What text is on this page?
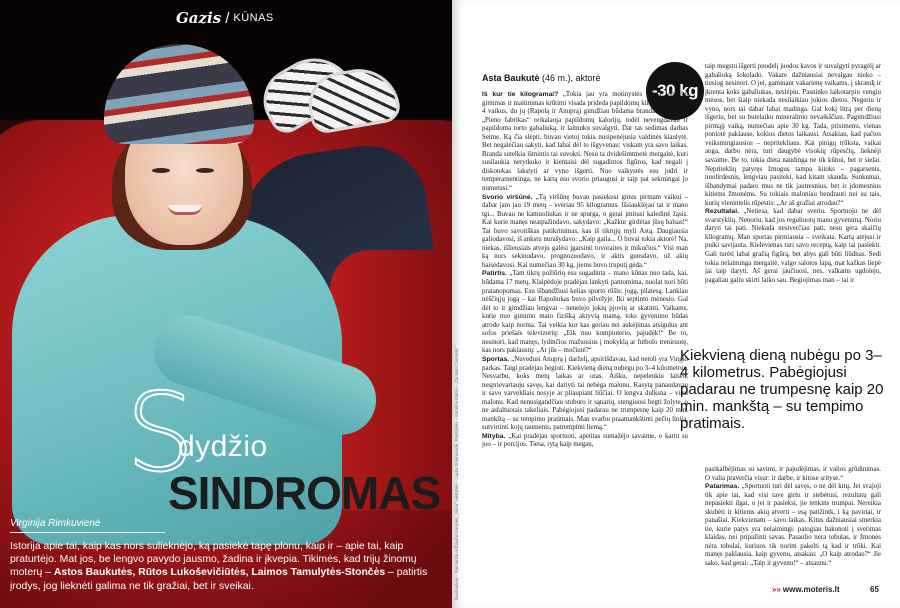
Gazis / KŪNAS
S
dydžio
SINDROMAS
Virginija Rimkuvienė
Istorija apie tai, kaip kas nors sulieknėjo, ką pasiekė tapę plonu, kaip ir – apie tai, kaip praturtėjo. Mat jos, be lengvo pavydo jausmo, žadina ir įkvepia. Tikimės, kad trijų žinomų moterų – Astos Baukutės, Rūtos Lukoševičiūtės, Laimos Tamulytės-Stončės – patirtis įrodys, jog lieknėti galima ne tik gražiai, bet ir sveikai.	Nuotraukos – Raimondo Adžiaučio Kasytės, „Sima“ valstybės – Laura Smirnovaitė, Prastyklės – Karolina Kaklis – „Da Man Cosmetic“
Asta Baukutė (46 m.), aktorė
-30 kg

Iš kur tie kilogramai? „Tokia jau yra motinystės kaina. Atlaikų gimimas ir maitinimas krūtimi visada prideda papildomų kilogramų. Turiu 4 vaikus, du jų (Rapolą ir Anuprą) gimdžiau būdama brandaus amžiaus. „Pieno fabrikas“ reikalauja papildomų kalorijų, todėl nevengdavau ir papildoma torto gabaliuką, ir laitnuku suvalgyti. Dar tas sedimas darbas Seime. Ką čia slėpti, buvau vietoj tokia nusipenėjusia valdinės kiaulytė. Bet negalėčiau sakyti, kad labai dėl to išgyvenau: viskam yra savo laikas. Branda sutelkia išmintis tai suvokti. Nesu ta dvidešimtmetė mergaitė, kuri susilaukia nerytkuko ir kientaisi dėl sugadintos figūros, kad negali į diskotekas lakstyti ar vyno išgerti. Nuo vaikystės esu judri ir temperamentinga, ne kartą esu svorio priaugusi ir taip pat sekmingai jo numetusi.“

Svorio viršūnė. „Tą viršūnę buvau pasiekusi ginus pirmam vaikui – dabar jam jau 19 metų – sveriau 95 kilogramus. Išsiauklėjau tai ir mano tgi... Buvau ne kamuoliukas ir ne spurga, o gerai įmitusi kaledinė žąsis. Kai kurie manęs neatpažindavo, sakydavo: „Kažkur girdėtas jūsų balsas!“ Tai buvo savotiškas patikrinimas, kas iš tikrųjų myli Astą. Daugiausia galiodavosi, iš ankstu nurašydavo: „Kaip gaila... O buvai tokia aktorė! Na, niekas, išlieusiais atveju galėsi įgarsinti tovoraites ir mikučius.“ Visi man ką nors sekinodavo, prognozuodavo, ir aktis guosdavo, už akių baisėdavosi. Kai numečiau 30 kg, jiems buvo truputį gėda.“

Patirtis. „Tam tikrų požiūrių esu sugadinta – mano kūnas nuo tada, kai, būdama 17 metų, Klaipėdoje pradėjau lankyti pantomima, nuolat nori būti pratanopomas. Esu išbandžiusi kelias sporto rūšis: jogą, pilatesą. Lankiau nėščiųjų jogą – kai Rapoliukas buvo pilvelyje. Iki septinto mėnesio. Gal dėl to ir gimdžiau lengvai – nenelejo jokių pjovių ar skatinti. Vaikams, kurie nuo gimimo mato fizišką aktyvią mamą, toks gyvenimo būdas atrodo kaip norma. Tai veikia kur kas geriau nei aukėjimas atsigulus ant sofos priešais televizorių: „Eik nuo kompiuterio, pajudėk!“ Be to, nesinori, kad manęs, lydinčios mažuosius į mokyklą ar futbolo treniruotę, kas nors paklaustų: „Ar jūs – močiutė?“

Sportas. „Nuvedusi Anuprą į darželį, apsirišdavau, kad netoli yra Vingio parkas. Taigi pradėjau begioti. Kiekvieną dieną nubėgu po 3–4 kilometrus. Nesvarbu, koks metų laikas ar oras. Aišku, nepelenkiu laisėo, nesprievartauju savęs, kai dariyti tai nebėga malonu. Kasytą panaudavau ir savo varveldiais nosyje ar pliaupiant liūčiai. O lengva dulksna – visai malonu. Kad nenusigandčiau stuburo ir sąnarių, stengiuosi begti žolyte, o ne asfaltuotais takeliais. Pabėgiojusi padarau ne trumpesnę kaip 20 min. mankštą – su tempimo pratimais. Man svarbu praamankštinti pečių liniją, sutvirtinti kojų raumenis, patrempinti liemą.“

Mityba. „Kai pradėjau sportuoti, apetitas sumažėjo savaime, o kartu su juo – ir porcijos. Tiesa, rytą kaip megau,

taip megstu išgerti puodelį juodos kavos ir suvalgyti pyragėlį ar gabaliuką šokolado. Vakare dažniausiai nevalgau nieko – tiesiog nesinori. O jei, gaminant vakarienę vaikams, į skrandį ir įkrenta koks gabaliukas, neslėpiu. Pasninko laikotarpiu vengiu mėsos, bet šiaip niekada nesilaikiau jokios dietos. Negeriu ir vyno, nors tai dabar labai madinga. Gal kokį litrą per dieną išgeriu, bet su butelaiku mineralinio nevaikščiau. Pagimdžiusi pirmąjį vaiką, numečiau apie 30 kg. Tada, prisimenu, vienas poniotė paklause, kokios dietos laikausi. Atsakiau, kad pačios veiksmingiausios – nepritekliaus. Kai pinigų trūksta, vaikai auga, darbo nėra, turi daugybė visokių rūpesčių, lieknėji savaime. Be to, tokia dieta naudinga ne tik kūnui, bet ir sielai. Nepriteklių patyręs žmogus tampa kitoks – pagarsenis, nuolirdesnis, lengviau pasiteki, kad kitam skauda. Sunkumai, išbandymai padaro mus ne tik jautresnius, bet ir įdomesnius kitiems žmonėms. Su tokiais maloniau bendrauti nei su tais, kurių vienintelis rūpestis: „Ar aš gražiai atrodau?“

Rezultatai. „Netiesa, kad dabar sveriu. Sportuoju ne dėl svarstyklių. Nenoriu, kad jos reguliuotų mano gyvenimą. Noriu daryti tai pati. Niekada nesiverčiau pati, nesu gera skaičių kilogramų. Man sportas pirmiausia – sveikata. Kartą atėjusi ir puiki savijauta. Kielevienas turi savo receptą, kaip tai pasiekti. Gali turėti labai gražią figūrą, bet abys gali būti liūdnas. Sedi tokia nelaiminga mergaitė, valgo salotos lapą, mat kažkas liepė jai taip daryti. Aš gerai jaučiuosi, nes, valkams ugdoleju, pagaliau galiu skirti laiko sau. Begiojimas man – tai ir

Kiekvieną dieną nubėgu po 3–4 kilometrus. Pabėgiojusi padarau ne trumpesnę kaip 20 min. mankštą – su tempimo pratimais.

pasikalbėjimas su savimi, ir pajudėjimas, ir valios grūdinimas. O valia praverčia visur: ir darbe, ir kitose srityse.“

Patarimas. „Sportuoti turi dėl savęs, o ne dėl kitų. Jei svajoji tik apie tai, kad visi tave girtu ir stebėtusi, rezultatų gali nepasiekti ilgai, o jei ir pasieksi, jie tenkins trumpai. Nereikia skubėti ir kitiems akių atverti – esą patižintk, i ką pavirtai, ir panašiai. Kiekvienam – savo laikas. Kitus dažniausiai smerkia tie, kurie patys yra nelaimingi: patogiau bakonoti į svetimas klaidas, nei pripažinti savas. Pasaulio nėra tobulas, ir žmonės nėra tobulai, kuriuos tik norim pakelti tą kad ir trūki. Kai manęs paklausia, kaip gyvenu, atsakau: „O kaip atrodau?“ Jie sako, kad gerai: „Taip ir gyvenu!“ – atsaunu.“

»» www.moteris.lt	65
